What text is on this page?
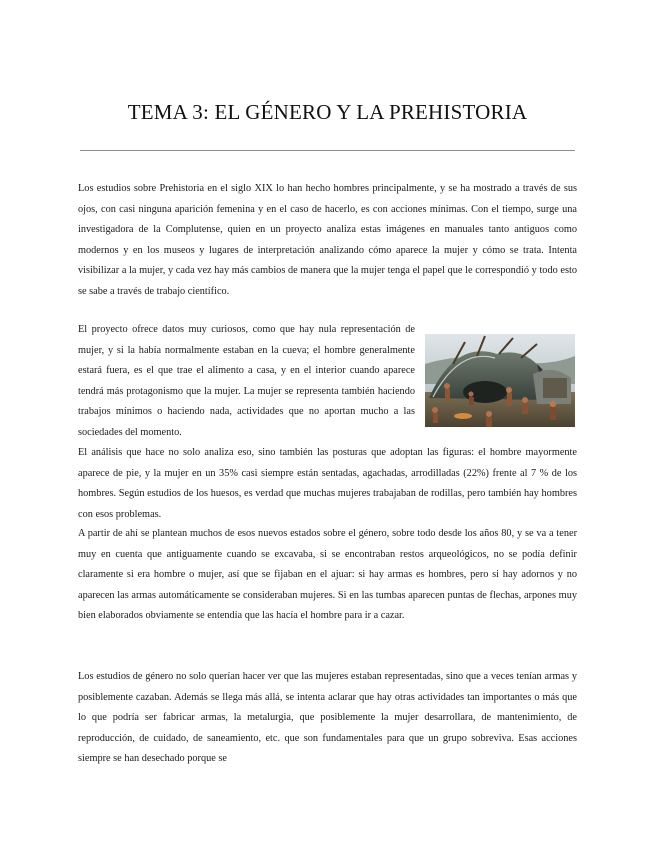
TEMA 3: EL GÉNERO Y LA PREHISTORIA

Los estudios sobre Prehistoria en el siglo XIX lo han hecho hombres principalmente, y se ha mostrado a través de sus ojos, con casi ninguna aparición femenina y en el caso de hacerlo, es con acciones mínimas. Con el tiempo, surge una investigadora de la Complutense, quien en un proyecto analiza estas imágenes en manuales tanto antiguos como modernos y en los museos y lugares de interpretación analizando cómo aparece la mujer y cómo se trata. Intenta visibilizar a la mujer, y cada vez hay más cambios de manera que la mujer tenga el papel que le correspondió y todo esto se sabe a través de trabajo científico.

El proyecto ofrece datos muy curiosos, como que hay nula representación de mujer, y si la había normalmente estaban en la cueva; el hombre generalmente estará fuera, es el que trae el alimento a casa, y en el interior cuando aparece tendrá más protagonismo que la mujer. La mujer se representa también haciendo trabajos mínimos o haciendo nada, actividades que no aportan mucho a las sociedades del momento.

El análisis que hace no solo analiza eso, sino también las posturas que adoptan las figuras: el hombre mayormente aparece de pie, y la mujer en un 35% casi siempre están sentadas, agachadas, arrodilladas (22%) frente al 7 % de los hombres. Según estudios de los huesos, es verdad que muchas mujeres trabajaban de rodillas, pero también hay hombres con esos problemas.

A partir de ahí se plantean muchos de esos nuevos estados sobre el género, sobre todo desde los años 80, y se va a tener muy en cuenta que antiguamente cuando se excavaba, si se encontraban restos arqueológicos, no se podía definir claramente si era hombre o mujer, así que se fijaban en el ajuar: si hay armas es hombres, pero si hay adornos y no aparecen las armas automáticamente se consideraban mujeres. Si en las tumbas aparecen puntas de flechas, arpones muy bien elaborados obviamente se entendía que las hacía el hombre para ir a cazar.

Los estudios de género no solo querían hacer ver que las mujeres estaban representadas, sino que a veces tenían armas y posiblemente cazaban. Además se llega más allá, se intenta aclarar que hay otras actividades tan importantes o más que lo que podría ser fabricar armas, la metalurgia, que posiblemente la mujer desarrollara, de mantenimiento, de reproducción, de cuidado, de saneamiento, etc. que son fundamentales para que un grupo sobreviva. Esas acciones siempre se han desechado porque se
